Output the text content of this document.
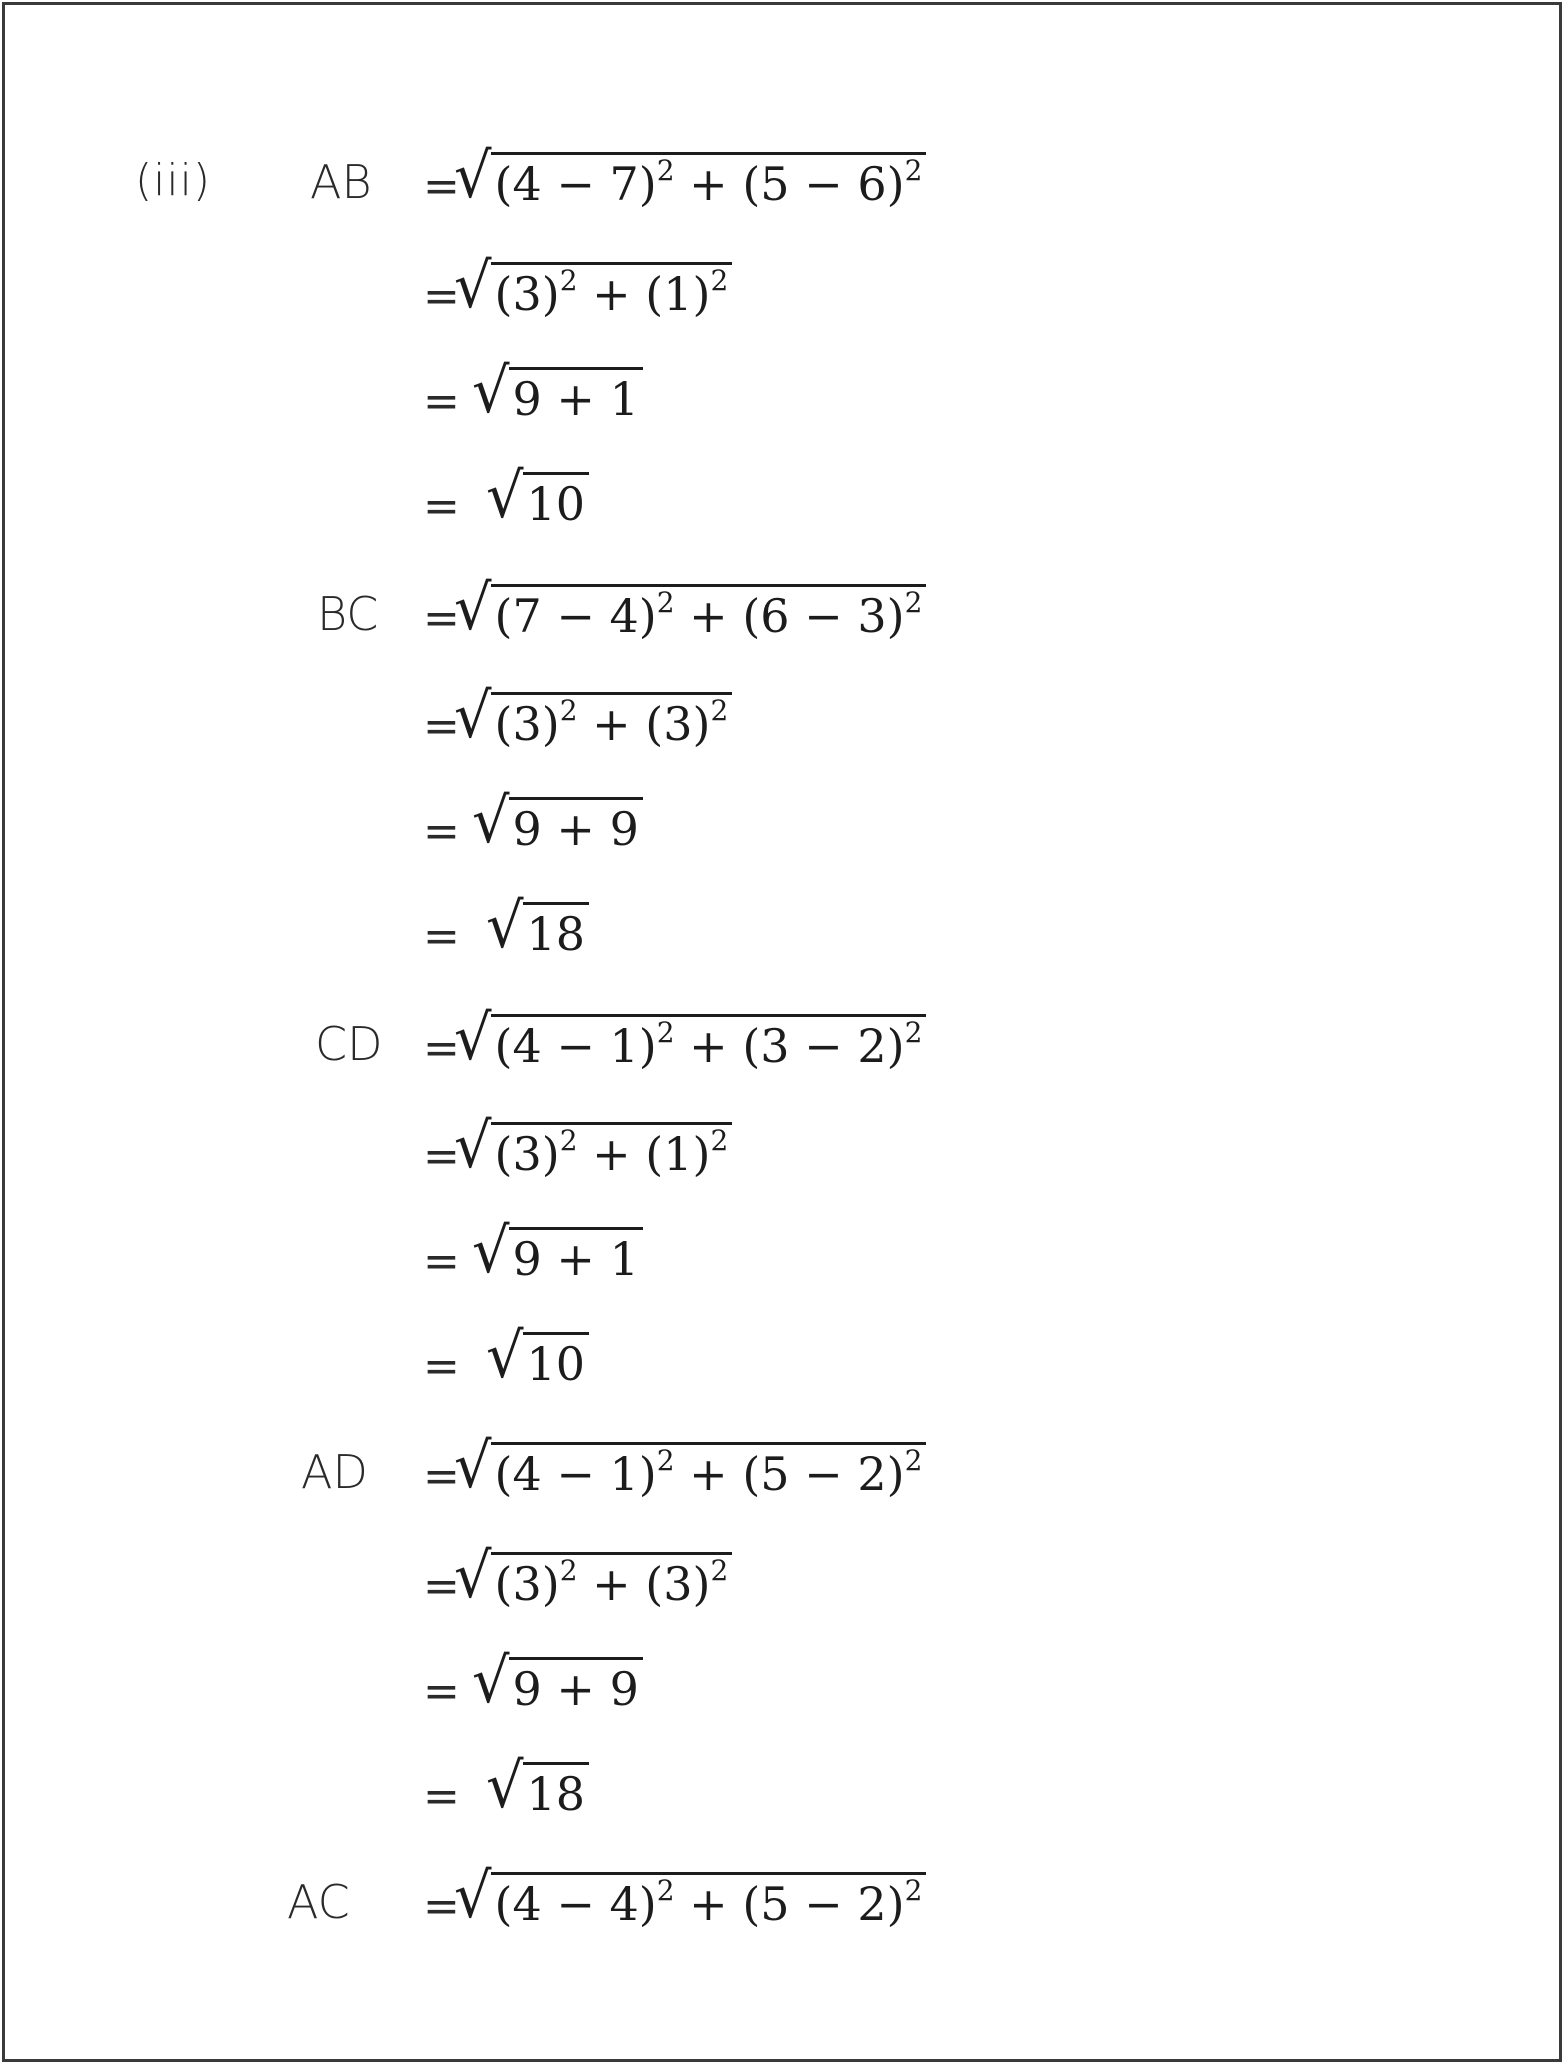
(iii) AB =
√ $(4 - 7)^2 + (5 - 6)^2$
=
√ $(3)^2 + (1)^2$
= √ 9 + 1
= √ 10
BC =
√ $(7 - 4)^2 + (6 - 3)^2$
=
√ $(3)^2 + (3)^2$
= √ 9 + 9
= √ 18
CD =
√ $(4 - 1)^2 + (3 - 2)^2$
=
√ $(3)^2 + (1)^2$
= √ 9 + 1
= √ 10
AD =
√ $(4 - 1)^2 + (5 - 2)^2$
=
√ $(3)^2 + (3)^2$
= √ 9 + 9
= √ 18
AC =
√ $(4 - 4)^2 + (5 - 2)^2$
